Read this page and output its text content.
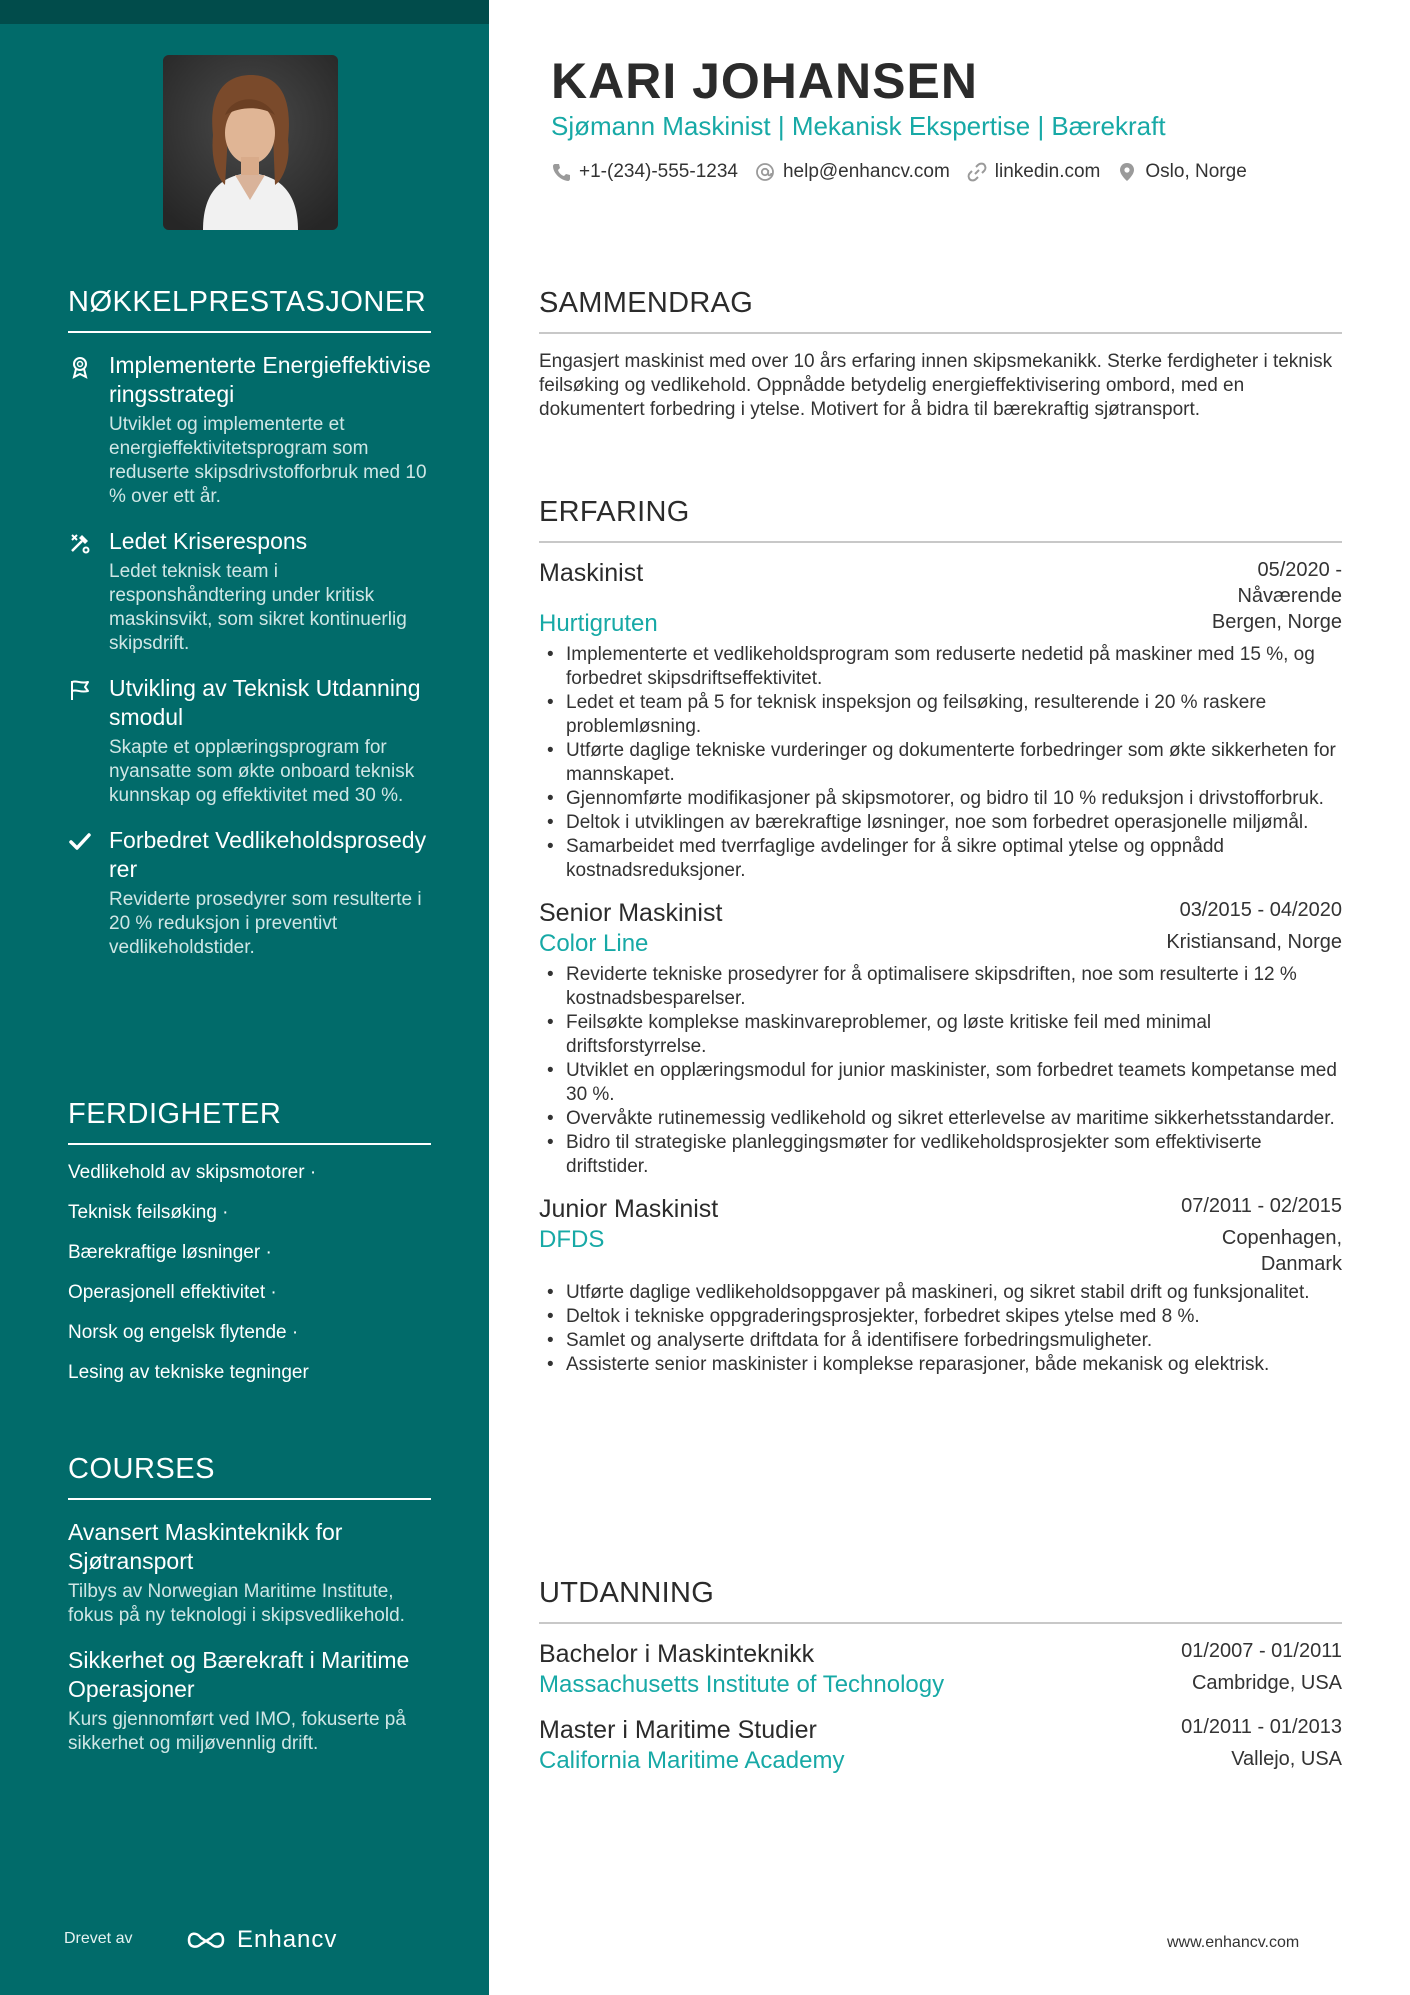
NØKKELPRESTASJONER
Implementerte Energieffektiviseringsstrategi
Utviklet og implementerte et energieffektivitetsprogram som reduserte skipsdrivstofforbruk med 10 % over ett år.
Ledet Kriserespons
Ledet teknisk team i responshåndtering under kritisk maskinsvikt, som sikret kontinuerlig skipsdrift.
Utvikling av Teknisk Utdanningsmodul
Skapte et opplæringsprogram for nyansatte som økte onboard teknisk kunnskap og effektivitet med 30 %.
Forbedret Vedlikeholdsprosedyrer
Reviderte prosedyrer som resulterte i 20 % reduksjon i preventivt vedlikeholdstider.
FERDIGHETER
Vedlikehold av skipsmotorer ·
Teknisk feilsøking ·
Bærekraftige løsninger ·
Operasjonell effektivitet ·
Norsk og engelsk flytende ·
Lesing av tekniske tegninger
COURSES
Avansert Maskinteknikk for Sjøtransport
Tilbys av Norwegian Maritime Institute, fokus på ny teknologi i skipsvedlikehold.
Sikkerhet og Bærekraft i Maritime Operasjoner
Kurs gjennomført ved IMO, fokuserte på sikkerhet og miljøvennlig drift.
Drevet av	Enhancv
KARI JOHANSEN
Sjømann Maskinist | Mekanisk Ekspertise | Bærekraft
+1-(234)-555-1234 help@enhancv.com linkedin.com Oslo, Norge
SAMMENDRAG
Engasjert maskinist med over 10 års erfaring innen skipsmekanikk. Sterke ferdigheter i teknisk feilsøking og vedlikehold. Oppnådde betydelig energieffektivisering ombord, med en dokumentert forbedring i ytelse. Motivert for å bidra til bærekraftig sjøtransport.
ERFARING
Maskinist	05/2020 - Nåværende
Hurtigruten	Bergen, Norge
• Implementerte et vedlikeholdsprogram som reduserte nedetid på maskiner med 15 %, og forbedret skipsdriftseffektivitet.
• Ledet et team på 5 for teknisk inspeksjon og feilsøking, resulterende i 20 % raskere problemløsning.
• Utførte daglige tekniske vurderinger og dokumenterte forbedringer som økte sikkerheten for mannskapet.
• Gjennomførte modifikasjoner på skipsmotorer, og bidro til 10 % reduksjon i drivstofforbruk.
• Deltok i utviklingen av bærekraftige løsninger, noe som forbedret operasjonelle miljømål.
• Samarbeidet med tverrfaglige avdelinger for å sikre optimal ytelse og oppnådd kostnadsreduksjoner.
Senior Maskinist	03/2015 - 04/2020
Color Line	Kristiansand, Norge
• Reviderte tekniske prosedyrer for å optimalisere skipsdriften, noe som resulterte i 12 % kostnadsbesparelser.
• Feilsøkte komplekse maskinvareproblemer, og løste kritiske feil med minimal driftsforstyrrelse.
• Utviklet en opplæringsmodul for junior maskinister, som forbedret teamets kompetanse med 30 %.
• Overvåkte rutinemessig vedlikehold og sikret etterlevelse av maritime sikkerhetsstandarder.
• Bidro til strategiske planleggingsmøter for vedlikeholdsprosjekter som effektiviserte driftstider.
Junior Maskinist	07/2011 - 02/2015
DFDS	Copenhagen, Danmark
• Utførte daglige vedlikeholdsoppgaver på maskineri, og sikret stabil drift og funksjonalitet.
• Deltok i tekniske oppgraderingsprosjekter, forbedret skipes ytelse med 8 %.
• Samlet og analyserte driftdata for å identifisere forbedringsmuligheter.
• Assisterte senior maskinister i komplekse reparasjoner, både mekanisk og elektrisk.
UTDANNING
Bachelor i Maskinteknikk	01/2007 - 01/2011
Massachusetts Institute of Technology	Cambridge, USA
Master i Maritime Studier	01/2011 - 01/2013
California Maritime Academy	Vallejo, USA
www.enhancv.com
